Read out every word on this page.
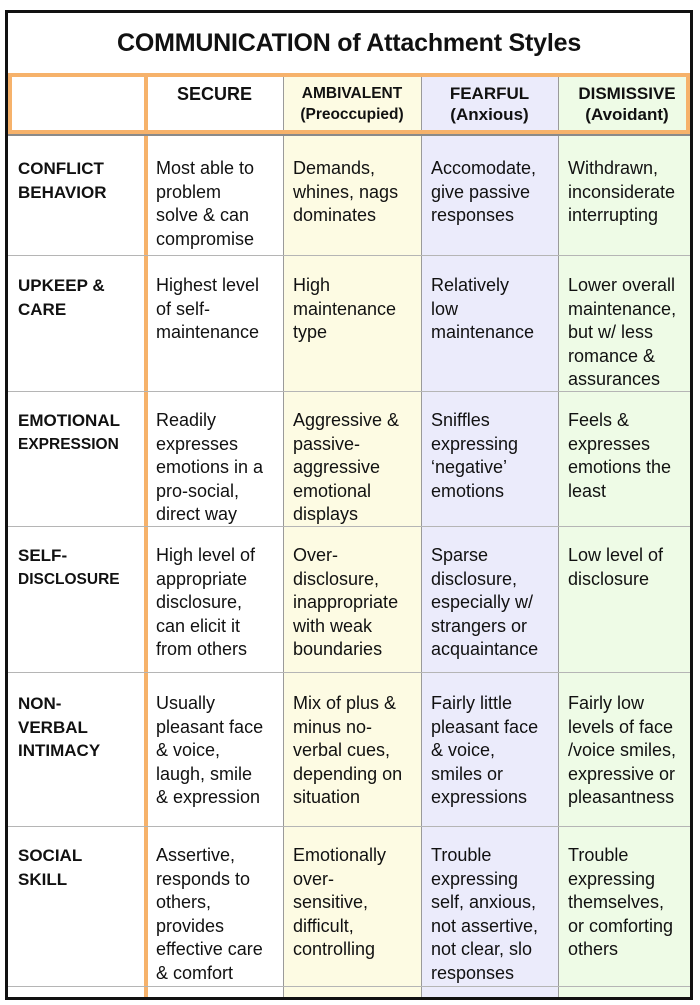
COMMUNICATION of Attachment Styles
SECURE	AMBIVALENT
(Preoccupied)
FEARFUL
(Anxious)
DISMISSIVE
(Avoidant)
CONFLICT
BEHAVIOR
Most able to
problem
solve & can
compromise
Demands,
whines, nags
dominates
Accomodate,
give passive
responses
Withdrawn,
inconsiderate
interrupting
UPKEEP &
CARE
Highest level
of self-
maintenance
High
maintenance
type
Relatively
low
maintenance
Lower overall
maintenance,
but w/ less
romance &
assurances
EMOTIONAL
EXPRESSION
Readily
expresses
emotions in a
pro-social,
direct way
Aggressive &
passive-
aggressive
emotional
displays
Sniffles
expressing
‘negative’
emotions
Feels &
expresses
emotions the
least
SELF-
DISCLOSURE
High level of
appropriate
disclosure,
can elicit it
from others
Over-
disclosure,
inappropriate
with weak
boundaries
Sparse
disclosure,
especially w/
strangers or
acquaintance
Low level of
disclosure
NON-
VERBAL
INTIMACY
Usually
pleasant face
& voice,
laugh, smile
& expression
Mix of plus &
minus no-
verbal cues,
depending on
situation
Fairly little
pleasant face
& voice,
smiles or
expressions
Fairly low
levels of face
/voice smiles,
expressive or
pleasantness
SOCIAL
SKILL
Assertive,
responds to
others,
provides
effective care
& comfort
Emotionally
over-
sensitive,
difficult,
controlling
Trouble
expressing
self, anxious,
not assertive,
not clear, slo
responses
Trouble
expressing
themselves,
or comforting
others
